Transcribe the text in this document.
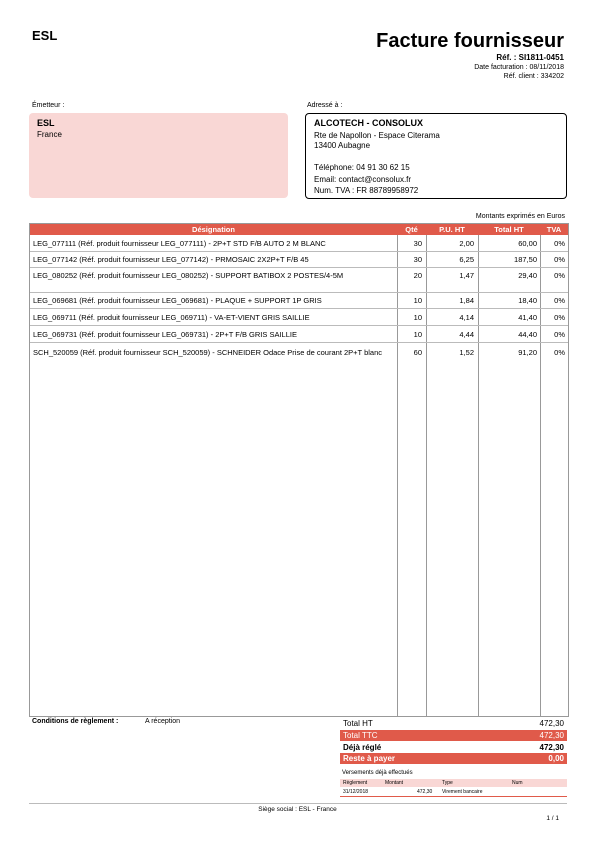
ESL	Facture fournisseur
Réf. : SI1811-0451
Date facturation : 08/11/2018
Réf. client : 334202
Émetteur :
ESL
France
Adressé à :
ALCOTECH - CONSOLUX
Rte de Napollon - Espace Citerama
13400 Aubagne
Téléphone: 04 91 30 62 15
Email: contact@consolux.fr
Num. TVA : FR 88789958972
Montants exprimés en Euros
Désignation	Qté	P.U. HT	Total HT	TVA
LEG_077111 (Réf. produit fournisseur LEG_077111) - 2P+T STD F/B AUTO 2 M BLANC	30	2,00	60,00	0%
LEG_077142 (Réf. produit fournisseur LEG_077142) - PRMOSAIC 2X2P+T F/B 45	30	6,25	187,50	0%
LEG_080252 (Réf. produit fournisseur LEG_080252) - SUPPORT BATIBOX 2 POSTES/4-5M	20	1,47	29,40	0%
LEG_069681 (Réf. produit fournisseur LEG_069681) - PLAQUE + SUPPORT 1P GRIS	10	1,84	18,40	0%
LEG_069711 (Réf. produit fournisseur LEG_069711) - VA-ET-VIENT GRIS SAILLIE	10	4,14	41,40	0%
LEG_069731 (Réf. produit fournisseur LEG_069731) - 2P+T F/B GRIS SAILLIE	10	4,44	44,40	0%
SCH_520059 (Réf. produit fournisseur SCH_520059) - SCHNEIDER Odace Prise de courant 2P+T blanc	60	1,52	91,20	0%
Conditions de règlement :	A réception	Total HT	472,30
Total TTC	472,30
Déjà réglé	472,30
Reste à payer	0,00
Versements déjà effectués
Règlement	Montant	Type	Num
31/12/2018	472,30 Virement bancaire
Siège social : ESL - France
1 / 1
